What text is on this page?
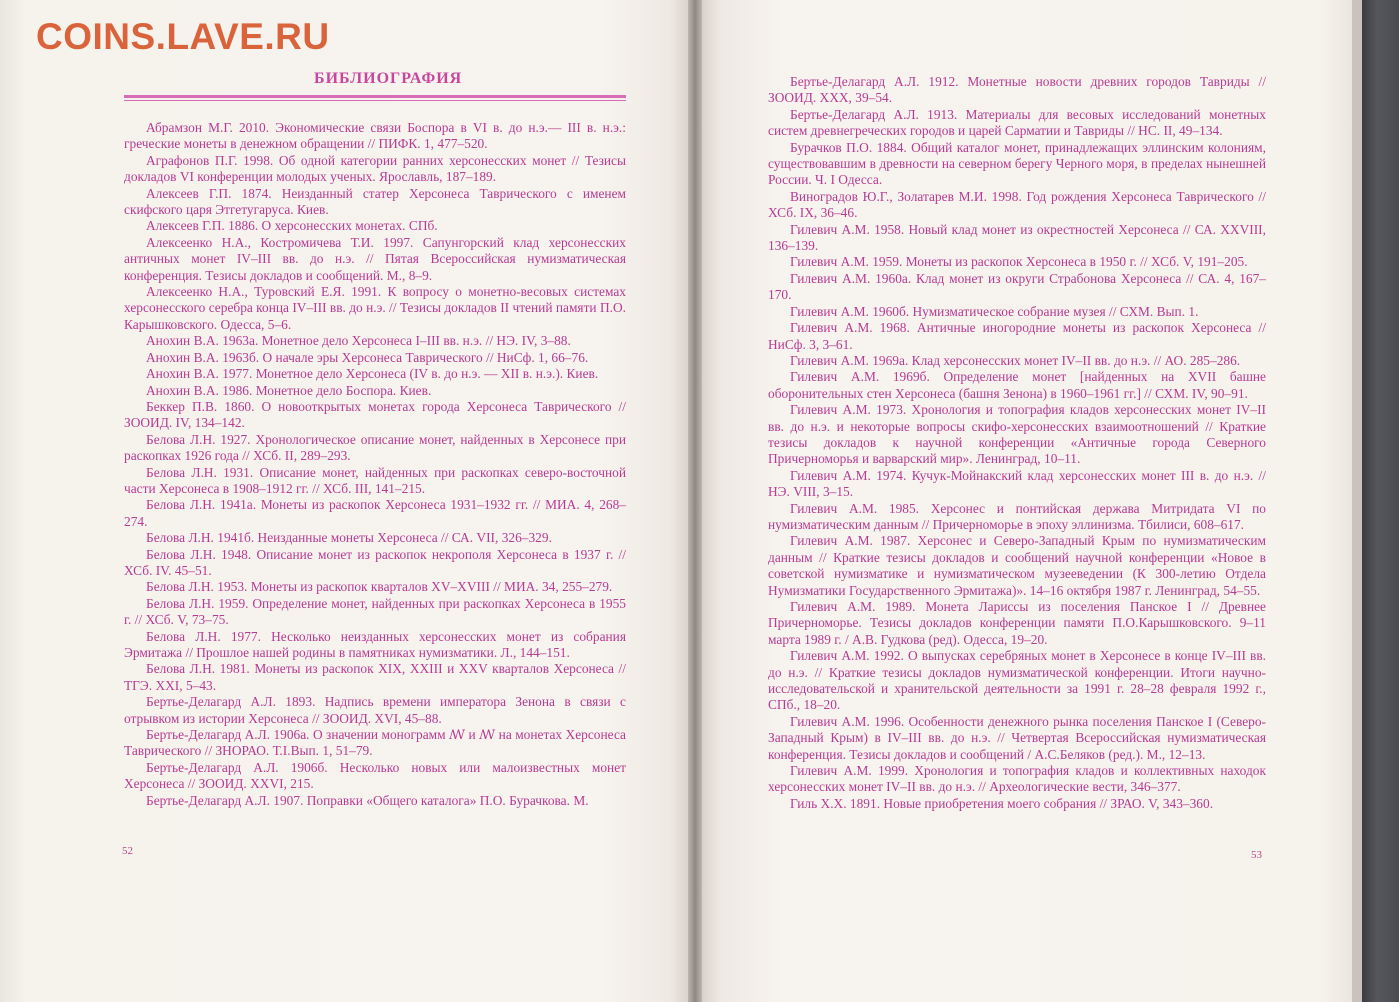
COINS.LAVE.RU
БИБЛИОГРАФИЯ

Абрамзон М.Г. 2010. Экономические связи Боспора в VI в. до н.э.— III в. н.э.: греческие монеты в денежном обращении // ПИФК. 1, 477–520.

Аграфонов П.Г. 1998. Об одной категории ранних херсонесских монет // Тезисы докладов VI конференции молодых ученых. Ярославль, 187–189.

Алексеев Г.П. 1874. Неизданный статер Херсонеса Таврического с именем скифского царя Этгетугаруса. Киев.

Алексеев Г.П. 1886. О херсонесских монетах. СПб.

Алексеенко Н.А., Костромичева Т.И. 1997. Сапунгорский клад херсонесских античных монет IV–III вв. до н.э. // Пятая Всероссийская нумизматическая конференция. Тезисы докладов и сообщений. М., 8–9.

Алексеенко Н.А., Туровский Е.Я. 1991. К вопросу о монетно-весовых системах херсонесского серебра конца IV–III вв. до н.э. // Тезисы докладов II чтений памяти П.О. Карышковского. Одесса, 5–6.

Анохин В.А. 1963а. Монетное дело Херсонеса I–III вв. н.э. // НЭ. IV, 3–88.

Анохин В.А. 1963б. О начале эры Херсонеса Таврического // НиСф. 1, 66–76.

Анохин В.А. 1977. Монетное дело Херсонеса (IV в. до н.э. — XII в. н.э.). Киев.

Анохин В.А. 1986. Монетное дело Боспора. Киев.

Беккер П.В. 1860. О новооткрытых монетах города Херсонеса Таврического // ЗООИД. IV, 134–142.

Белова Л.Н. 1927. Хронологическое описание монет, найденных в Херсонесе при раскопках 1926 года // ХСб. II, 289–293.

Белова Л.Н. 1931. Описание монет, найденных при раскопках северо-восточной части Херсонеса в 1908–1912 гг. // ХСб. III, 141–215.

Белова Л.Н. 1941а. Монеты из раскопок Херсонеса 1931–1932 гг. // МИА. 4, 268–274.

Белова Л.Н. 1941б. Неизданные монеты Херсонеса // СА. VII, 326–329.

Белова Л.Н. 1948. Описание монет из раскопок некрополя Херсонеса в 1937 г. // ХСб. IV. 45–51.

Белова Л.Н. 1953. Монеты из раскопок кварталов XV–XVIII // МИА. 34, 255–279.

Белова Л.Н. 1959. Определение монет, найденных при раскопках Херсонеса в 1955 г. // ХСб. V, 73–75.

Белова Л.Н. 1977. Несколько неизданных херсонесских монет из собрания Эрмитажа // Прошлое нашей родины в памятниках нумизматики. Л., 144–151.

Белова Л.Н. 1981. Монеты из раскопок XIX, XXIII и XXV кварталов Херсонеса // ТГЭ. XXI, 5–43.

Бертье-Делагард А.Л. 1893. Надпись времени императора Зенона в связи с отрывком из истории Херсонеса // ЗООИД. XVI, 45–88.

Бертье-Делагард А.Л. 1906а. О значении монограмм ꟿ и ꟿ на монетах Херсонеса Таврического // ЗНОРАО. Т.I.Вып. 1, 51–79.

Бертье-Делагард А.Л. 1906б. Несколько новых или малоизвестных монет Херсонеса // ЗООИД. XXVI, 215.

Бертье-Делагард А.Л. 1907. Поправки «Общего каталога» П.О. Бурачкова. М.

52

Бертье-Делагард А.Л. 1912. Монетные новости древних городов Тавриды // ЗООИД. XXX, 39–54.

Бертье-Делагард А.Л. 1913. Материалы для весовых исследований монетных систем древнегреческих городов и царей Сарматии и Тавриды // НС. II, 49–134.

Бурачков П.О. 1884. Общий каталог монет, принадлежащих эллинским колониям, существовавшим в древности на северном берегу Черного моря, в пределах нынешней России. Ч. I Одесса.

Виноградов Ю.Г., Золатарев М.И. 1998. Год рождения Херсонеса Таврического // ХСб. IX, 36–46.

Гилевич А.М. 1958. Новый клад монет из окрестностей Херсонеса // СА. XXVIII, 136–139.

Гилевич А.М. 1959. Монеты из раскопок Херсонеса в 1950 г. // ХСб. V, 191–205.

Гилевич А.М. 1960а. Клад монет из округи Страбонова Херсонеса // СА. 4, 167–170.

Гилевич А.М. 1960б. Нумизматическое собрание музея // СХМ. Вып. 1.

Гилевич А.М. 1968. Античные иногородние монеты из раскопок Херсонеса // НиСф. 3, 3–61.

Гилевич А.М. 1969а. Клад херсонесских монет IV–II вв. до н.э. // АО. 285–286.

Гилевич А.М. 1969б. Определение монет [найденных на XVII башне оборонительных стен Херсонеса (башня Зенона) в 1960–1961 гг.] // СХМ. IV, 90–91.

Гилевич А.М. 1973. Хронология и топография кладов херсонесских монет IV–II вв. до н.э. и некоторые вопросы скифо-херсонесских взаимоотношений // Краткие тезисы докладов к научной конференции «Античные города Северного Причерноморья и варварский мир». Ленинград, 10–11.

Гилевич А.М. 1974. Кучук-Мойнакский клад херсонесских монет III в. до н.э. // НЭ. VIII, 3–15.

Гилевич А.М. 1985. Херсонес и понтийская держава Митридата VI по нумизматическим данным // Причерноморье в эпоху эллинизма. Тбилиси, 608–617.

Гилевич А.М. 1987. Херсонес и Северо-Западный Крым по нумизматическим данным // Краткие тезисы докладов и сообщений научной конференции «Новое в советской нумизматике и нумизматическом музееведении (К 300-летию Отдела Нумизматики Государственного Эрмитажа)». 14–16 октября 1987 г. Ленинград, 54–55.

Гилевич А.М. 1989. Монета Лариссы из поселения Панское I // Древнее Причерноморье. Тезисы докладов конференции памяти П.О.Карышковского. 9–11 марта 1989 г. / А.В. Гудкова (ред). Одесса, 19–20.

Гилевич А.М. 1992. О выпусках серебряных монет в Херсонесе в конце IV–III вв. до н.э. // Краткие тезисы докладов нумизматической конференции. Итоги научно-исследовательской и хранительской деятельности за 1991 г. 28–28 февраля 1992 г., СПб., 18–20.

Гилевич А.М. 1996. Особенности денежного рынка поселения Панское I (Северо-Западный Крым) в IV–III вв. до н.э. // Четвертая Всероссийская нумизматическая конференция. Тезисы докладов и сообщений / А.С.Беляков (ред.). М., 12–13.

Гилевич А.М. 1999. Хронология и топография кладов и коллективных находок херсонесских монет IV–II вв. до н.э. // Археологические вести, 346–377.

Гиль Х.Х. 1891. Новые приобретения моего собрания // ЗРАО. V, 343–360.

53
